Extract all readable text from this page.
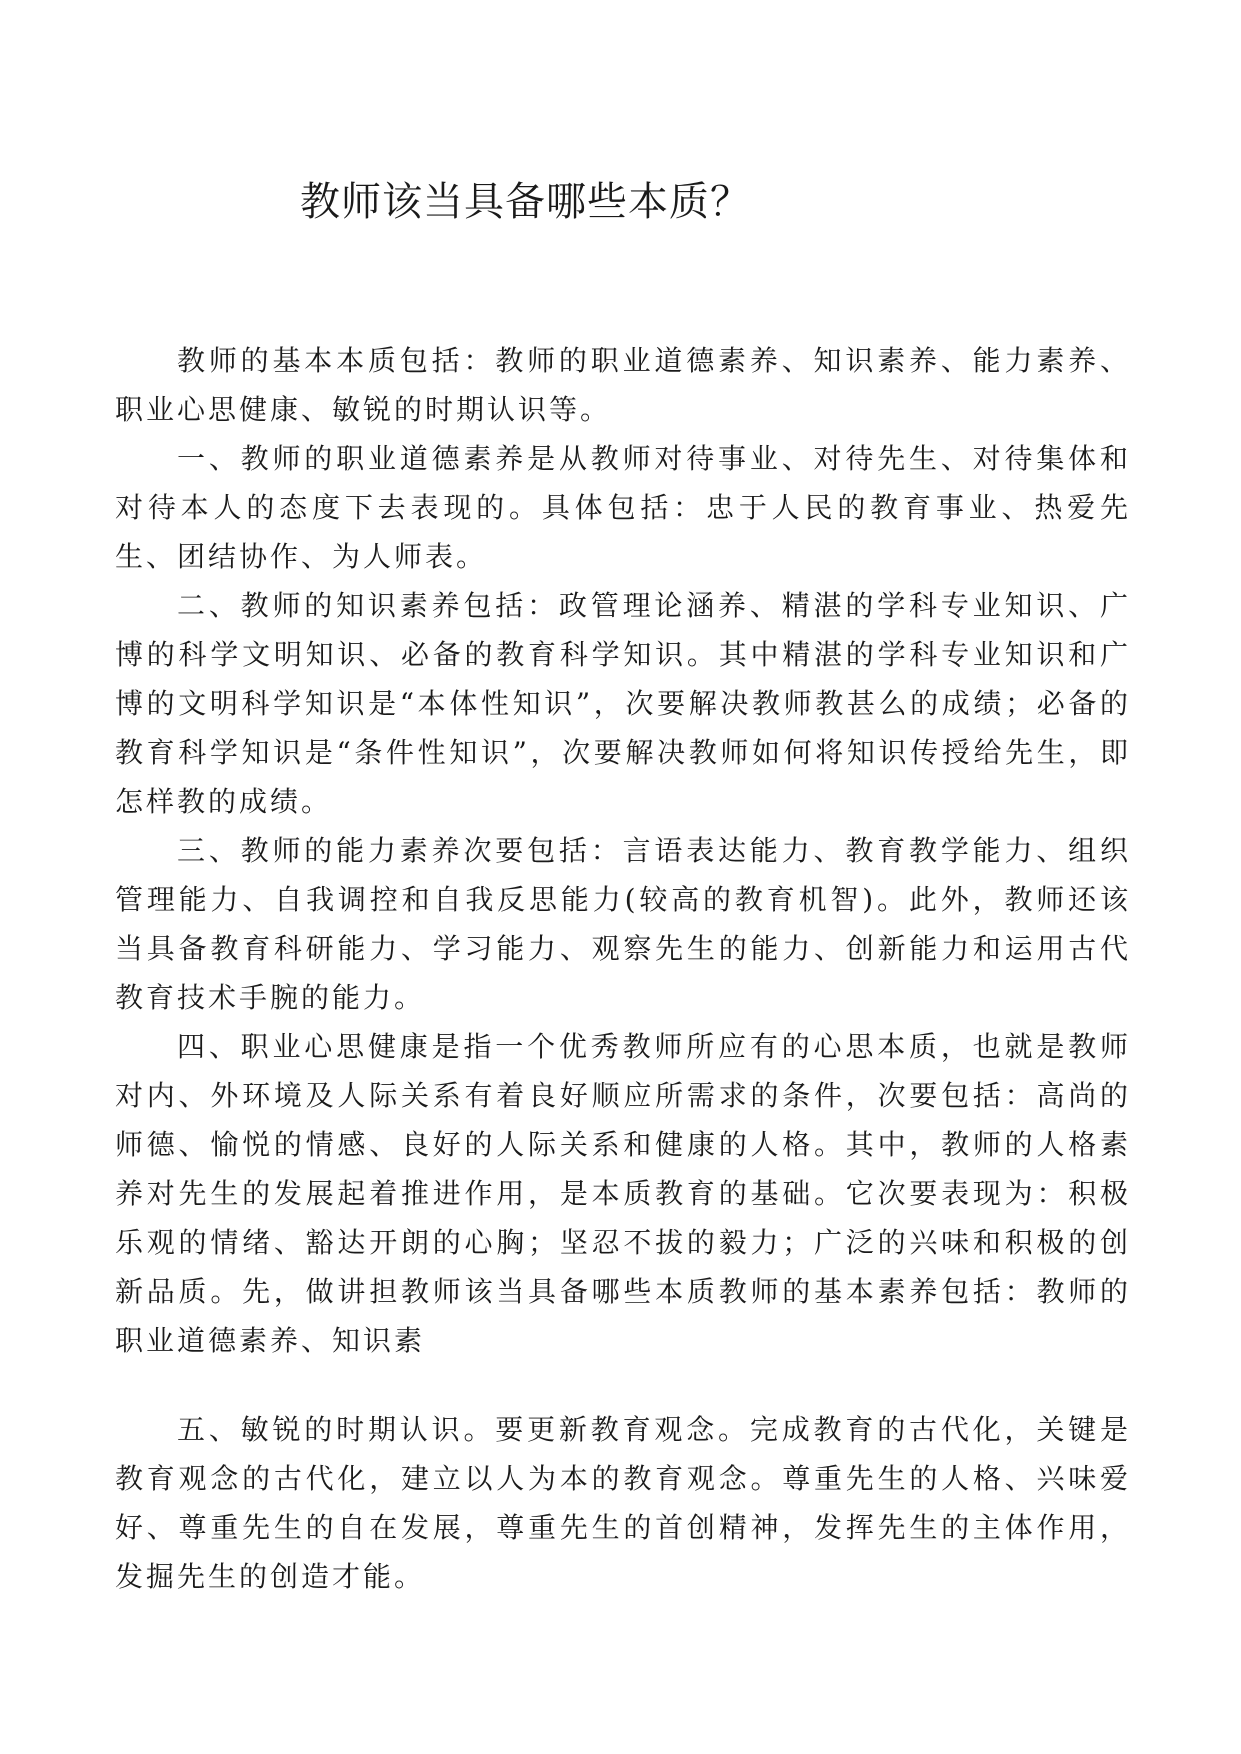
教师该当具备哪些本质？

教师的基本本质包括：教师的职业道德素养、知识素养、能力素养、职业心思健康、敏锐的时期认识等。

一、教师的职业道德素养是从教师对待事业、对待先生、对待集体和对待本人的态度下去表现的。具体包括：忠于人民的教育事业、热爱先生、团结协作、为人师表。

二、教师的知识素养包括：政管理论涵养、精湛的学科专业知识、广博的科学文明知识、必备的教育科学知识。其中精湛的学科专业知识和广博的文明科学知识是“本体性知识”，次要解决教师教甚么的成绩；必备的教育科学知识是“条件性知识”，次要解决教师如何将知识传授给先生，即怎样教的成绩。

三、教师的能力素养次要包括：言语表达能力、教育教学能力、组织管理能力、自我调控和自我反思能力(较高的教育机智)。此外，教师还该当具备教育科研能力、学习能力、观察先生的能力、创新能力和运用古代教育技术手腕的能力。

四、职业心思健康是指一个优秀教师所应有的心思本质，也就是教师对内、外环境及人际关系有着良好顺应所需求的条件，次要包括：高尚的师德、愉悦的情感、良好的人际关系和健康的人格。其中，教师的人格素养对先生的发展起着推进作用，是本质教育的基础。它次要表现为：积极乐观的情绪、豁达开朗的心胸；坚忍不拔的毅力；广泛的兴味和积极的创新品质。先，做讲担教师该当具备哪些本质教师的基本素养包括：教师的职业道德素养、知识素

五、敏锐的时期认识。要更新教育观念。完成教育的古代化，关键是教育观念的古代化，建立以人为本的教育观念。尊重先生的人格、兴味爱好、尊重先生的自在发展，尊重先生的首创精神，发挥先生的主体作用，发掘先生的创造才能。
